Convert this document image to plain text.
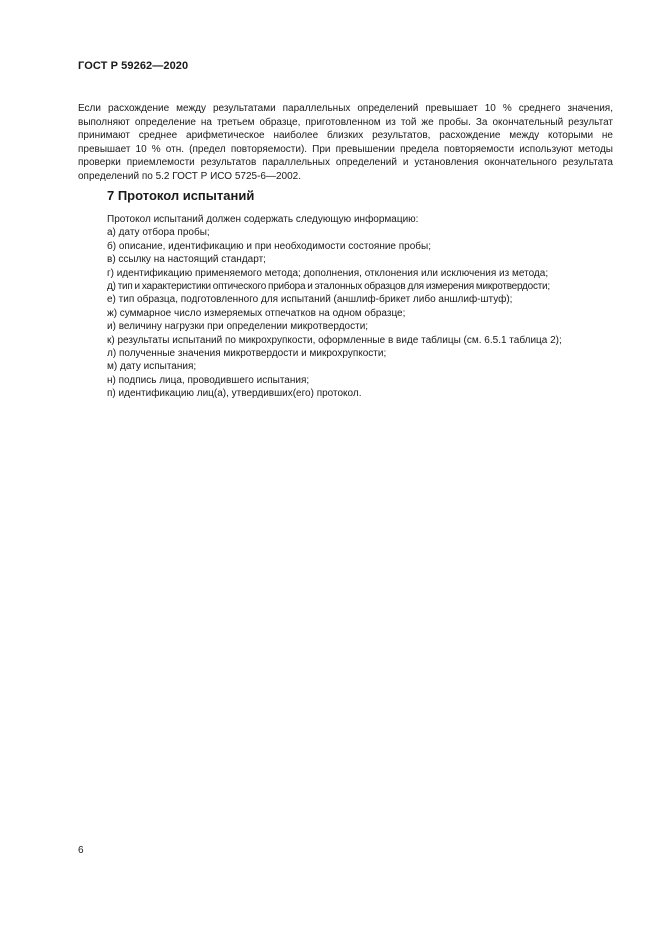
ГОСТ Р 59262—2020

Если расхождение между результатами параллельных определений превышает 10 % среднего значения, выполняют определение на третьем образце, приготовленном из той же пробы. За окончательный результат принимают среднее арифметическое наиболее близких результатов, расхождение между которыми не превышает 10 % отн. (предел повторяемости). При превышении предела повторяемости используют методы проверки приемлемости результатов параллельных определений и установления окончательного результата определений по 5.2 ГОСТ Р ИСО 5725-6—2002.

7 Протокол испытаний
Протокол испытаний должен содержать следующую информацию:
а) дату отбора пробы;
б) описание, идентификацию и при необходимости состояние пробы;
в) ссылку на настоящий стандарт;
г) идентификацию применяемого метода; дополнения, отклонения или исключения из метода;
д) тип и характеристики оптического прибора и эталонных образцов для измерения микротвердости;
е) тип образца, подготовленного для испытаний (аншлиф-брикет либо аншлиф-штуф);
ж) суммарное число измеряемых отпечатков на одном образце;
и) величину нагрузки при определении микротвердости;
к) результаты испытаний по микрохрупкости, оформленные в виде таблицы (см. 6.5.1 таблица 2);
л) полученные значения микротвердости и микрохрупкости;
м) дату испытания;
н) подпись лица, проводившего испытания;
п) идентификацию лиц(а), утвердивших(его) протокол.
6
